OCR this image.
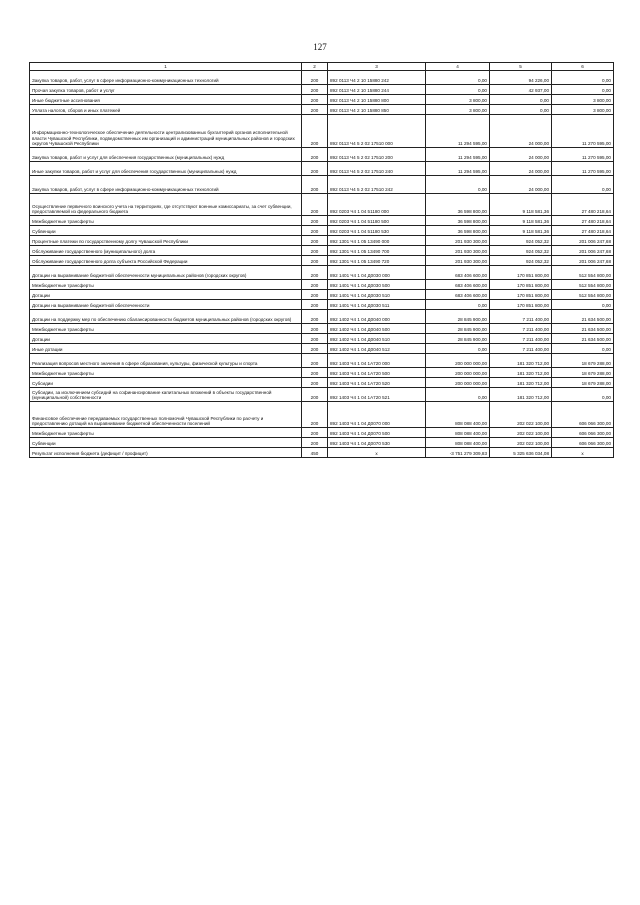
127
1	2	3	4	5	6
Закупка товаров, работ, услуг в сфере информационно-коммуникационных технологий	200	892 0113 Ч4 2 10 15880 242	0,00	94 226,00	0,00
Прочая закупка товаров, работ и услуг	200	892 0113 Ч4 2 10 15880 244	0,00	42 937,00	0,00
Иные бюджетные ассигнования	200	892 0113 Ч4 2 10 15880 800	3 800,00	0,00	3 800,00
Уплата налогов, сборов и иных платежей	200	892 0113 Ч4 2 10 15880 850	3 800,00	0,00	3 800,00
Информационно-технологическое обеспечение деятельности централизованных бухгалтерий органов исполнительной власти Чувашской Республики, подведомственных им организаций и администраций муниципальных районов и городских округов Чувашской Республики	200	892 0113 Ч4 5 2 02 17510 000	11 294 595,00	24 000,00	11 270 595,00
Закупка товаров, работ и услуг для обеспечения государственных (муниципальных) нужд	200	892 0113 Ч4 5 2 02 17510 200	11 294 595,00	24 000,00	11 270 595,00
Иные закупки товаров, работ и услуг для обеспечения государственных (муниципальных) нужд	200	892 0113 Ч4 5 2 02 17510 240	11 294 595,00	24 000,00	11 270 595,00
Закупка товаров, работ, услуг в сфере информационно-коммуникационных технологий	200	892 0113 Ч4 5 2 02 17510 242	0,00	24 000,00	0,00
Осуществление первичного воинского учета на территориях, где отсутствуют военные комиссариаты, за счет субвенции, предоставляемой из федерального бюджета	200	892 0203 Ч4 1 04 51180 000	36 598 800,00	9 118 581,36	27 480 218,64
Межбюджетные трансферты	200	892 0203 Ч4 1 04 51180 500	36 598 800,00	9 118 581,36	27 480 218,64
Субвенции	200	892 0203 Ч4 1 04 51180 530	36 598 800,00	9 118 581,36	27 480 218,64
Процентные платежи по государственному долгу Чувашской Республики	200	892 1301 Ч4 1 05 13490 000	201 930 300,00	924 052,32	201 006 247,68
Обслуживание государственного (муниципального) долга	200	892 1301 Ч4 1 05 13490 700	201 930 300,00	924 052,32	201 006 247,68
Обслуживание государственного долга субъекта Российской Федерации	200	892 1301 Ч4 1 05 13490 720	201 930 300,00	924 052,32	201 006 247,68
Дотации на выравнивание бюджетной обеспеченности муниципальных районов (городских округов)	200	892 1401 Ч4 1 04 Д0030 000	683 406 600,00	170 851 800,00	512 554 800,00
Межбюджетные трансферты	200	892 1401 Ч4 1 04 Д0030 500	683 406 600,00	170 851 800,00	512 554 800,00
Дотации	200	892 1401 Ч4 1 04 Д0030 510	683 406 600,00	170 851 800,00	512 554 800,00
Дотации на выравнивание бюджетной обеспеченности	200	892 1401 Ч4 1 04 Д0030 511	0,00	170 851 800,00	0,00
Дотации на поддержку мер по обеспечению сбалансированности бюджетов муниципальных районов (городских округов)	200	892 1402 Ч4 1 04 Д0040 000	28 845 900,00	7 211 400,00	21 634 500,00
Межбюджетные трансферты	200	892 1402 Ч4 1 04 Д0040 500	28 845 900,00	7 211 400,00	21 634 500,00
Дотации	200	892 1402 Ч4 1 04 Д0040 510	28 845 900,00	7 211 400,00	21 634 500,00
Иные дотации	200	892 1402 Ч4 1 04 Д0040 512	0,00	7 211 400,00	0,00
Реализация вопросов местного значения в сфере образования, культуры, физической культуры и спорта	200	892 1403 Ч4 1 04 1А720 000	200 000 000,00	181 320 712,00	18 679 288,00
Межбюджетные трансферты	200	892 1403 Ч4 1 04 1А720 500	200 000 000,00	181 320 712,00	18 679 288,00
Субсидии	200	892 1403 Ч4 1 04 1А720 520	200 000 000,00	181 320 712,00	18 679 288,00
Субсидии, за исключением субсидий на софинансирование капитальных вложений в объекты государственной (муниципальной) собственности	200	892 1403 Ч4 1 04 1А720 521	0,00	181 320 712,00	0,00
Финансовое обеспечение передаваемых государственных полномочий Чувашской Республики по расчету и предоставлению дотаций на выравнивание бюджетной обеспеченности поселений	200	892 1403 Ч4 1 04 Д0070 000	808 088 400,00	202 022 100,00	606 066 300,00
Межбюджетные трансферты	200	892 1403 Ч4 1 04 Д0070 500	808 088 400,00	202 022 100,00	606 066 300,00
Субвенции	200	892 1403 Ч4 1 04 Д0070 530	808 088 400,00	202 022 100,00	606 066 300,00
Результат исполнения бюджета (дефицит / профицит)	450	x	-3 751 279 309,83	5 325 636 034,08	x
